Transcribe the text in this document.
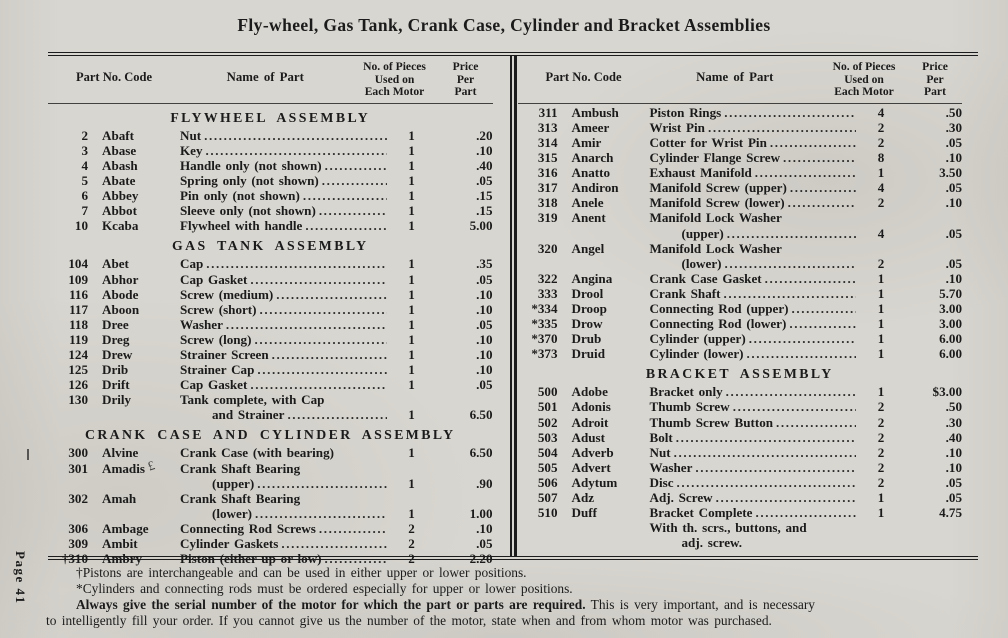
Fly-wheel, Gas Tank, Crank Case, Cylinder and Bracket Assemblies
Part No. Code	Name of Part
No. of Pieces
Used on
Each Motor
Price
Per
Part
FLYWHEEL ASSEMBLY
2	Abaft	Nut .....	1	.20
3	Abase	Key .....	1	.10
4	Abash	Handle only (not shown) .....	1	.40
5	Abate	Spring only (not shown) .....	1	.05
6	Abbey	Pin only (not shown) .....	1	.15
7	Abbot	Sleeve only (not shown) .....	1	.15
10	Kcaba	Flywheel with handle .....	1	5.00
GAS TANK ASSEMBLY
104	Abet	Cap .....	1	.35
109	Abhor	Cap Gasket .....	1	.05
116	Abode	Screw (medium) .....	1	.10
117	Aboon	Screw (short) .....	1	.10
118	Dree	Washer .....	1	.05
119	Dreg	Screw (long) .....	1	.10
124	Drew	Strainer Screen .....	1	.10
125	Drib	Strainer Cap .....	1	.10
126	Drift	Cap Gasket .....	1	.05
130	Drily	Tank complete, with Cap
and Strainer .....	1	6.50
CRANK CASE AND CYLINDER ASSEMBLY
300	Alvine	Crank Case (with bearing)	1	6.50
301	Amadis	Crank Shaft Bearing
(upper) .....	1	.90
302	Amah	Crank Shaft Bearing
(lower) .....	1	1.00
306	Ambage	Connecting Rod Screws .....	2	.10
309	Ambit	Cylinder Gaskets .....	2	.05
†310	Ambry	Piston (either up or low) .....	2	2.20
Part No. Code	Name of Part
No. of Pieces
Used on
Each Motor
Price
Per
Part
311	Ambush	Piston Rings .....	4	.50
313	Ameer	Wrist Pin .....	2	.30
314	Amir	Cotter for Wrist Pin .....	2	.05
315	Anarch	Cylinder Flange Screw .....	8	.10
316	Anatto	Exhaust Manifold .....	1	3.50
317	Andiron	Manifold Screw (upper) .....	4	.05
318	Anele	Manifold Screw (lower) .....	2	.10
319	Anent	Manifold Lock Washer
(upper) .....	4	.05
320	Angel	Manifold Lock Washer
(lower) .....	2	.05
322	Angina	Crank Case Gasket .....	1	.10
333	Drool	Crank Shaft .....	1	5.70
*334	Droop	Connecting Rod (upper) .....	1	3.00
*335	Drow	Connecting Rod (lower) .....	1	3.00
*370	Drub	Cylinder (upper) .....	1	6.00
*373	Druid	Cylinder (lower) .....	1	6.00
BRACKET ASSEMBLY
500	Adobe	Bracket only .....	1	$3.00
501	Adonis	Thumb Screw .....	2	.50
502	Adroit	Thumb Screw Button .....	2	.30
503	Adust	Bolt .....	2	.40
504	Adverb	Nut .....	2	.10
505	Advert	Washer .....	2	.10
506	Adytum	Disc .....	2	.05
507	Adz	Adj. Screw .....	1	.05
510	Duff	Bracket Complete .....	1	4.75
With th. scrs., buttons, and
adj. screw.
†Pistons are interchangeable and can be used in either upper or lower positions.
*Cylinders and connecting rods must be ordered especially for upper or lower positions.
Always give the serial number of the motor for which the part or parts are required. This is very important, and is necessary
to intelligently fill your order. If you cannot give us the number of the motor, state when and from whom motor was purchased.
Page 41
£
